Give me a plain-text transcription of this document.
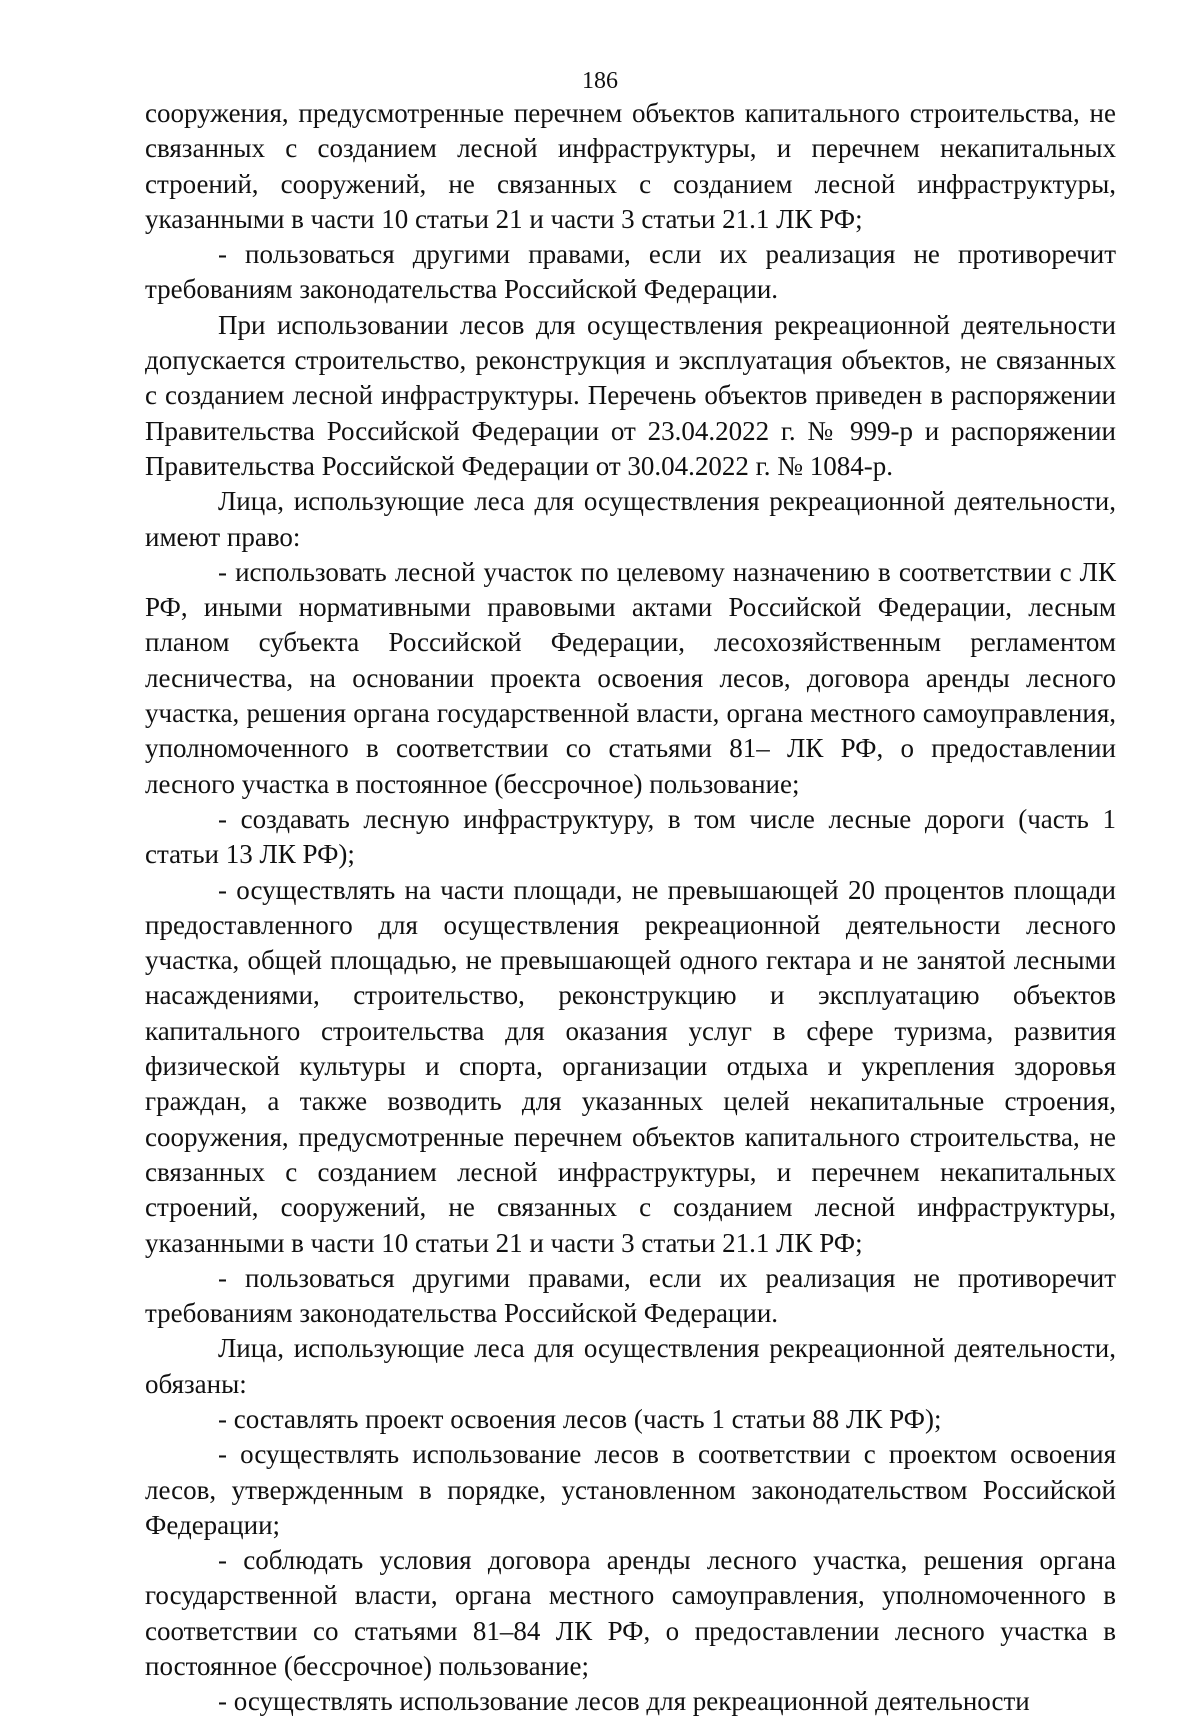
186

сооружения, предусмотренные перечнем объектов капитального строительства, не связанных с созданием лесной инфраструктуры, и перечнем некапитальных строений, сооружений, не связанных с созданием лесной инфраструктуры, указанными в части 10 статьи 21 и части 3 статьи 21.1 ЛК РФ;

- пользоваться другими правами, если их реализация не противоречит требованиям законодательства Российской Федерации.

При использовании лесов для осуществления рекреационной деятельности допускается строительство, реконструкция и эксплуатация объектов, не связанных с созданием лесной инфраструктуры. Перечень объектов приведен в распоряжении Правительства Российской Федерации от 23.04.2022 г. № 999-р и распоряжении Правительства Российской Федерации от 30.04.2022 г. № 1084-р.

Лица, использующие леса для осуществления рекреационной деятельности, имеют право:

- использовать лесной участок по целевому назначению в соответствии с ЛК РФ, иными нормативными правовыми актами Российской Федерации, лесным планом субъекта Российской Федерации, лесохозяйственным регламентом лесничества, на основании проекта освоения лесов, договора аренды лесного участка, решения органа государственной власти, органа местного самоуправления, уполномоченного в соответствии со статьями 81– ЛК РФ, о предоставлении лесного участка в постоянное (бессрочное) пользование;

- создавать лесную инфраструктуру, в том числе лесные дороги (часть 1 статьи 13 ЛК РФ);

- осуществлять на части площади, не превышающей 20 процентов площади предоставленного для осуществления рекреационной деятельности лесного участка, общей площадью, не превышающей одного гектара и не занятой лесными насаждениями, строительство, реконструкцию и эксплуатацию объектов капитального строительства для оказания услуг в сфере туризма, развития физической культуры и спорта, организации отдыха и укрепления здоровья граждан, а также возводить для указанных целей некапитальные строения, сооружения, предусмотренные перечнем объектов капитального строительства, не связанных с созданием лесной инфраструктуры, и перечнем некапитальных строений, сооружений, не связанных с созданием лесной инфраструктуры, указанными в части 10 статьи 21 и части 3 статьи 21.1 ЛК РФ;

- пользоваться другими правами, если их реализация не противоречит требованиям законодательства Российской Федерации.

Лица, использующие леса для осуществления рекреационной деятельности, обязаны:

- составлять проект освоения лесов (часть 1 статьи 88 ЛК РФ);

- осуществлять использование лесов в соответствии с проектом освоения лесов, утвержденным в порядке, установленном законодательством Российской Федерации;

- соблюдать условия договора аренды лесного участка, решения органа государственной власти, органа местного самоуправления, уполномоченного в соответствии со статьями 81–84 ЛК РФ, о предоставлении лесного участка в постоянное (бессрочное) пользование;

- осуществлять использование лесов для рекреационной деятельности
